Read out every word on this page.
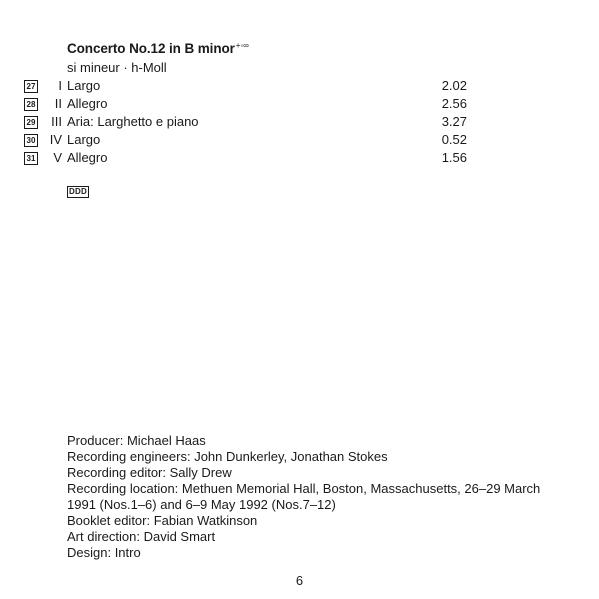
Concerto No.12 in B minor+◦∞
si mineur · h-Moll
27	I Largo	2.02
28	II Allegro	2.56
29	III Aria: Larghetto e piano	3.27
30	IV Largo	0.52
31	V Allegro	1.56
DDD
Producer: Michael Haas
Recording engineers: John Dunkerley, Jonathan Stokes
Recording editor: Sally Drew
Recording location: Methuen Memorial Hall, Boston, Massachusetts, 26–29 March
1991 (Nos.1–6) and 6–9 May 1992 (Nos.7–12)
Booklet editor: Fabian Watkinson
Art direction: David Smart
Design: Intro
6
